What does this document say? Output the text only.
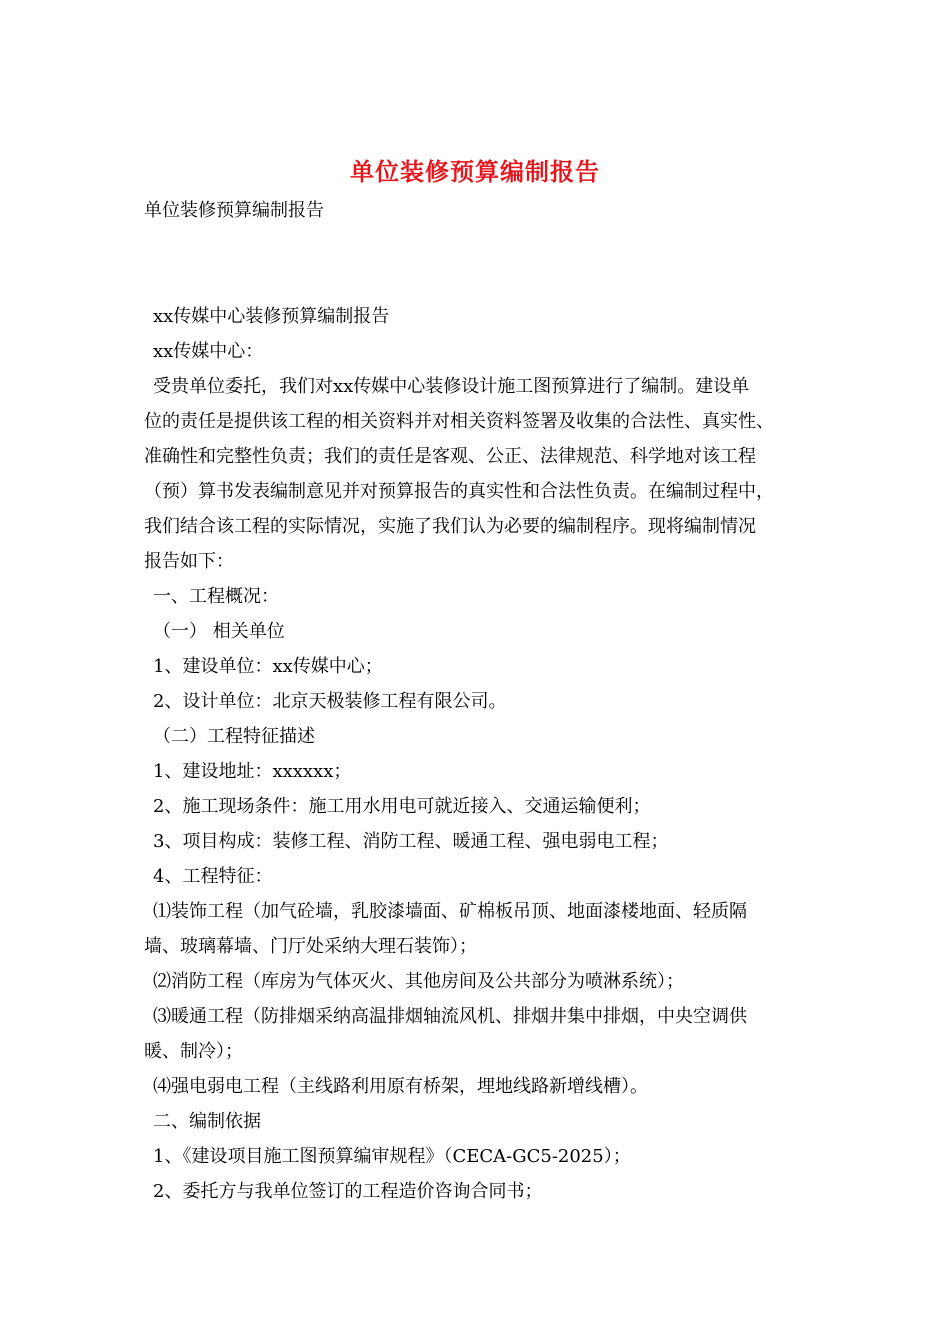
单位装修预算编制报告
单位装修预算编制报告
xx传媒中心装修预算编制报告
xx传媒中心：
受贵单位委托，我们对xx传媒中心装修设计施工图预算进行了编制。建设单
位的责任是提供该工程的相关资料并对相关资料签署及收集的合法性、真实性、
准确性和完整性负责；我们的责任是客观、公正、法律规范、科学地对该工程
（预）算书发表编制意见并对预算报告的真实性和合法性负责。在编制过程中，
我们结合该工程的实际情况，实施了我们认为必要的编制程序。现将编制情况
报告如下：
一、工程概况：
（一） 相关单位
1、建设单位：xx传媒中心；
2、设计单位：北京天极装修工程有限公司。
（二）工程特征描述
1、建设地址：xxxxxx；
2、施工现场条件：施工用水用电可就近接入、交通运输便利；
3、项目构成：装修工程、消防工程、暖通工程、强电弱电工程；
4、工程特征：
⑴装饰工程（加气砼墙，乳胶漆墙面、矿棉板吊顶、地面漆楼地面、轻质隔
墙、玻璃幕墙、门厅处采纳大理石装饰）；
⑵消防工程（库房为气体灭火、其他房间及公共部分为喷淋系统）；
⑶暖通工程（防排烟采纳高温排烟轴流风机、排烟井集中排烟，中央空调供
暖、制冷）；
⑷强电弱电工程（主线路利用原有桥架，埋地线路新增线槽）。
二、编制依据
1、《建设项目施工图预算编审规程》（CECA-GC5-2025）；
2、委托方与我单位签订的工程造价咨询合同书；
